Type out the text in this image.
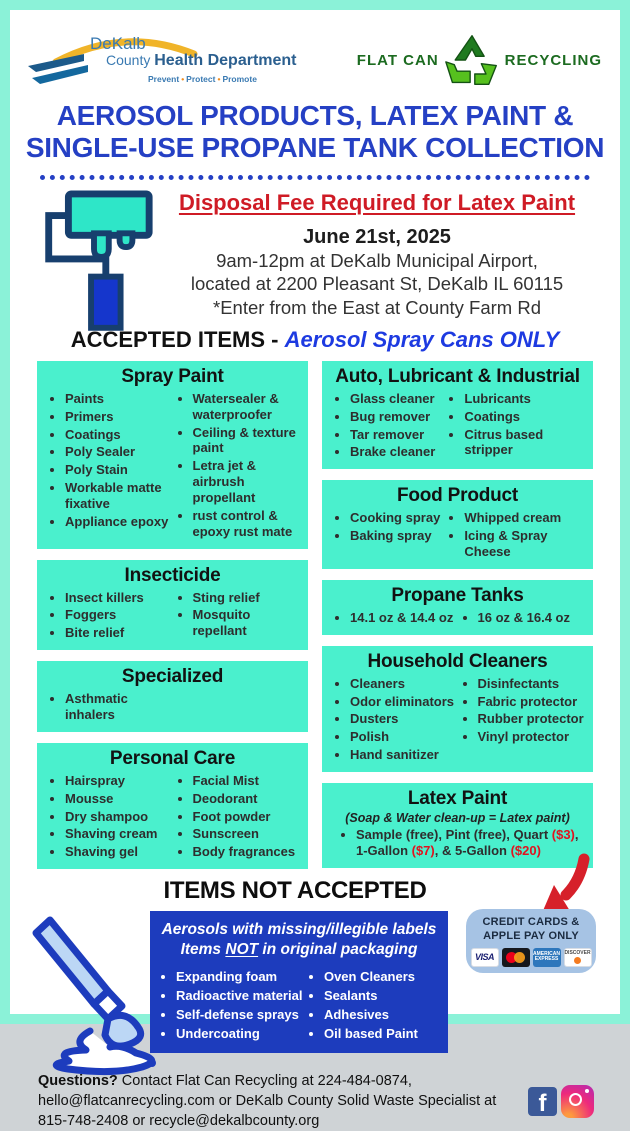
DeKalb
County Health Department
Prevent • Protect • Promote
FLAT CAN	RECYCLING
AEROSOL PRODUCTS, LATEX PAINT &
SINGLE-USE PROPANE TANK COLLECTION
Disposal Fee Required for Latex Paint
June 21st, 2025
9am-12pm at DeKalb Municipal Airport,
located at 2200 Pleasant St, DeKalb IL 60115
*Enter from the East at County Farm Rd
ACCEPTED ITEMS - Aerosol Spray Cans ONLY
Spray Paint
• Paints
• Primers
• Coatings
• Poly Sealer
• Poly Stain
• Workable matte fixative
• Appliance epoxy
• Watersealer & waterproofer
• Ceiling & texture paint
• Letra jet & airbrush propellant
• rust control & epoxy rust mate
Insecticide
• Insect killers
• Foggers
• Bite relief
• Sting relief
• Mosquito repellant
Specialized
• Asthmatic inhalers
Personal Care
• Hairspray
• Mousse
• Dry shampoo
• Shaving cream
• Shaving gel
• Facial Mist
• Deodorant
• Foot powder
• Sunscreen
• Body fragrances
Auto, Lubricant & Industrial
• Glass cleaner
• Bug remover
• Tar remover
• Brake cleaner
• Lubricants
• Coatings
• Citrus based stripper
Food Product
• Cooking spray
• Baking spray
• Whipped cream
• Icing & Spray Cheese
Propane Tanks
• 14.1 oz & 14.4 oz	• 16 oz & 16.4 oz
Household Cleaners
• Cleaners
• Odor eliminators
• Dusters
• Polish
• Hand sanitizer
• Disinfectants
• Fabric protector
• Rubber protector
• Vinyl protector
Latex Paint
(Soap & Water clean-up = Latex paint)
• Sample (free), Pint (free), Quart ($3), 1-Gallon ($7), & 5-Gallon ($20)
ITEMS NOT ACCEPTED
Aerosols with missing/illegible labels
Items NOT in original packaging
• Expanding foam
• Radioactive material
• Self-defense sprays
• Undercoating
• Oven Cleaners
• Sealants
• Adhesives
• Oil based Paint
CREDIT CARDS &
APPLE PAY ONLY
VISA	AMERICAN EXPRESS
DISCOVER
Questions? Contact Flat Can Recycling at 224-484-0874, hello@flatcanrecycling.com or DeKalb County Solid Waste Specialist at 815-748-2408 or recycle@dekalbcounty.org
f
